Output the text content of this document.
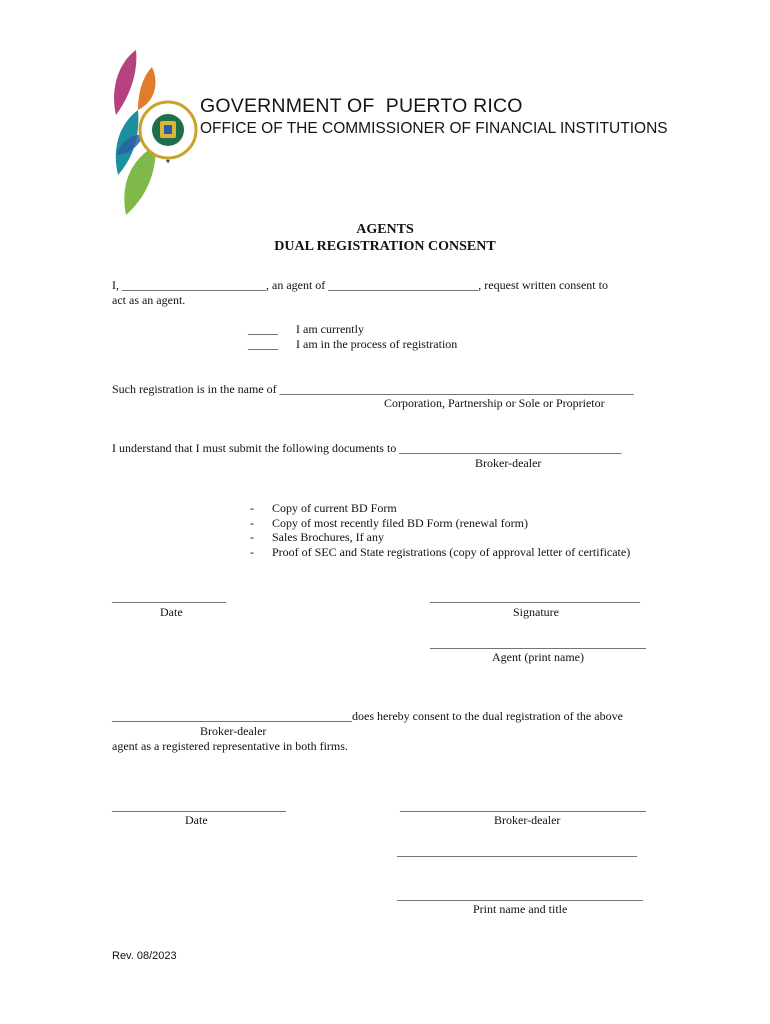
★
GOVERNMENT OF  PUERTO RICO
OFFICE OF THE COMMISSIONER OF FINANCIAL INSTITUTIONS
AGENTS
DUAL REGISTRATION CONSENT
I, ________________________, an agent of _________________________, request written consent to
act as an agent.
_____ I am currently
_____ I am in the process of registration
Such registration is in the name of ___________________________________________________________
Corporation, Partnership or Sole or Proprietor
I understand that I must submit the following documents to _____________________________________
Broker-dealer
- Copy of current BD Form
- Copy of most recently filed BD Form (renewal form)
- Sales Brochures, If any
- Proof of SEC and State registrations (copy of approval letter of certificate)
___________________
Date
___________________________________
Signature
____________________________________
Agent (print name)
________________________________________does hereby consent to the dual registration of the above
Broker-dealer
agent as a registered representative in both firms.
_____________________________
Date
_________________________________________
Broker-dealer
________________________________________
_________________________________________
Print name and title
Rev. 08/2023
